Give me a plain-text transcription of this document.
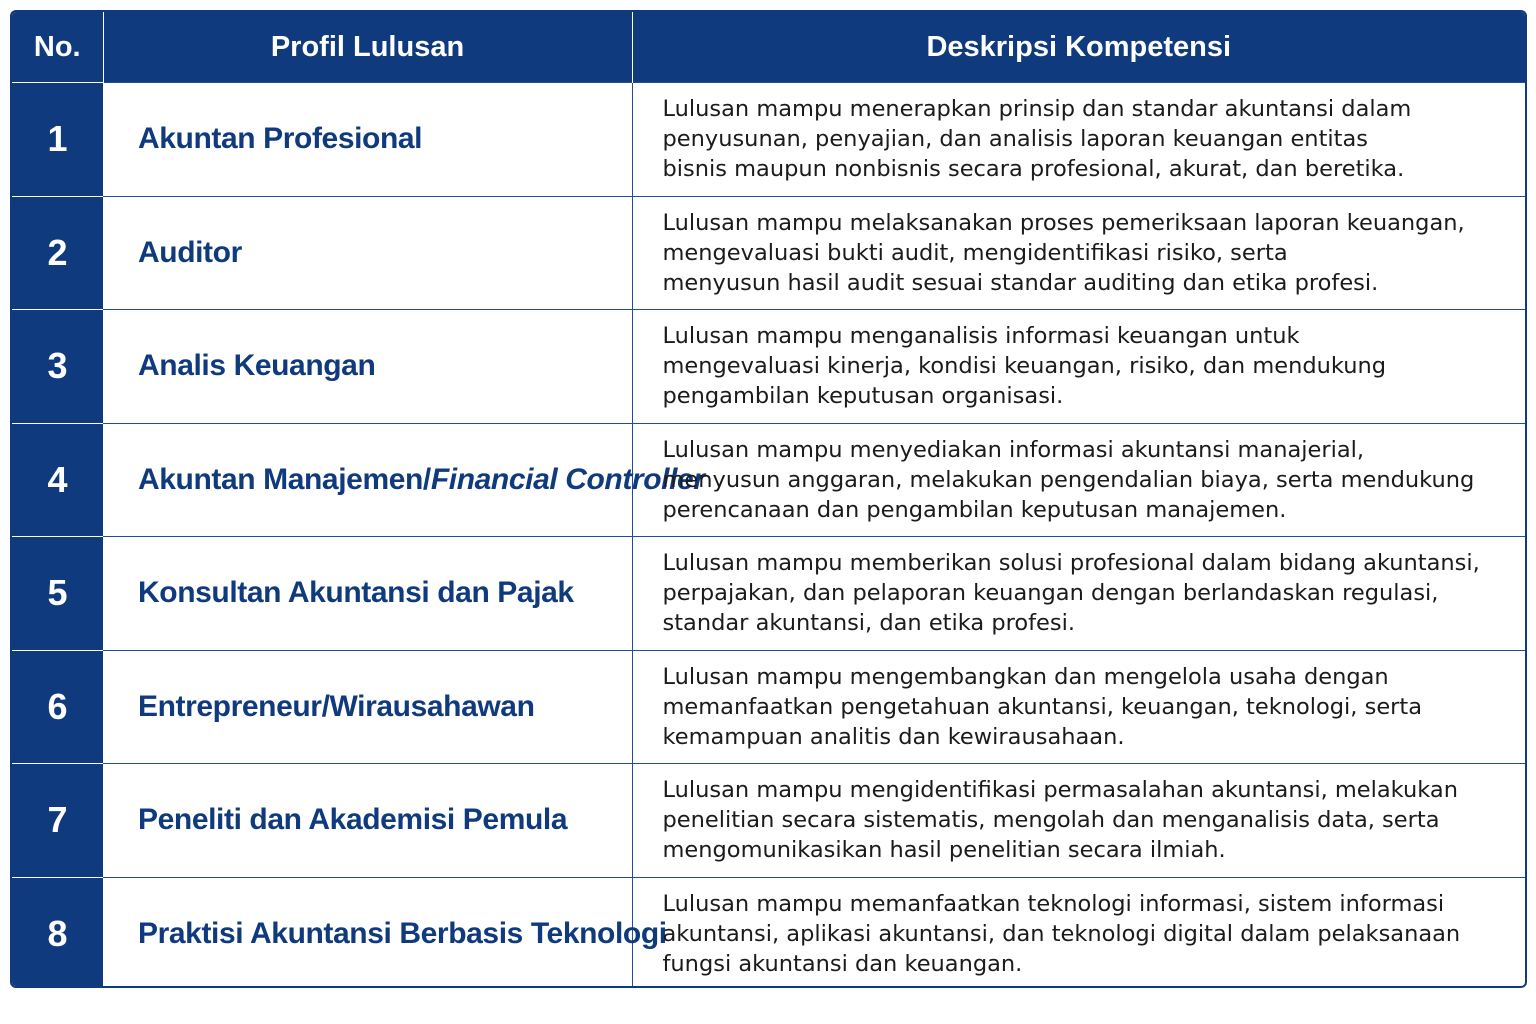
No.	Profil Lulusan	Deskripsi Kompetensi
1	Akuntan Profesional	Lulusan mampu menerapkan prinsip dan standar akuntansi dalam
penyusunan, penyajian, dan analisis laporan keuangan entitas
bisnis maupun nonbisnis secara profesional, akurat, dan beretika.

2	Auditor	Lulusan mampu melaksanakan proses pemeriksaan laporan keuangan,
mengevaluasi bukti audit, mengidentifikasi risiko, serta
menyusun hasil audit sesuai standar auditing dan etika profesi.

3	Analis Keuangan	Lulusan mampu menganalisis informasi keuangan untuk
mengevaluasi kinerja, kondisi keuangan, risiko, dan mendukung
pengambilan keputusan organisasi.

4	Akuntan Manajemen/Financial Controller	Lulusan mampu menyediakan informasi akuntansi manajerial,
menyusun anggaran, melakukan pengendalian biaya, serta mendukung
perencanaan dan pengambilan keputusan manajemen.

5	Konsultan Akuntansi dan Pajak	Lulusan mampu memberikan solusi profesional dalam bidang akuntansi,
perpajakan, dan pelaporan keuangan dengan berlandaskan regulasi,
standar akuntansi, dan etika profesi.

6	Entrepreneur/Wirausahawan	Lulusan mampu mengembangkan dan mengelola usaha dengan
memanfaatkan pengetahuan akuntansi, keuangan, teknologi, serta
kemampuan analitis dan kewirausahaan.

7	Peneliti dan Akademisi Pemula	Lulusan mampu mengidentifikasi permasalahan akuntansi, melakukan
penelitian secara sistematis, mengolah dan menganalisis data, serta
mengomunikasikan hasil penelitian secara ilmiah.

8	Praktisi Akuntansi Berbasis Teknologi	Lulusan mampu memanfaatkan teknologi informasi, sistem informasi
akuntansi, aplikasi akuntansi, dan teknologi digital dalam pelaksanaan
fungsi akuntansi dan keuangan.
